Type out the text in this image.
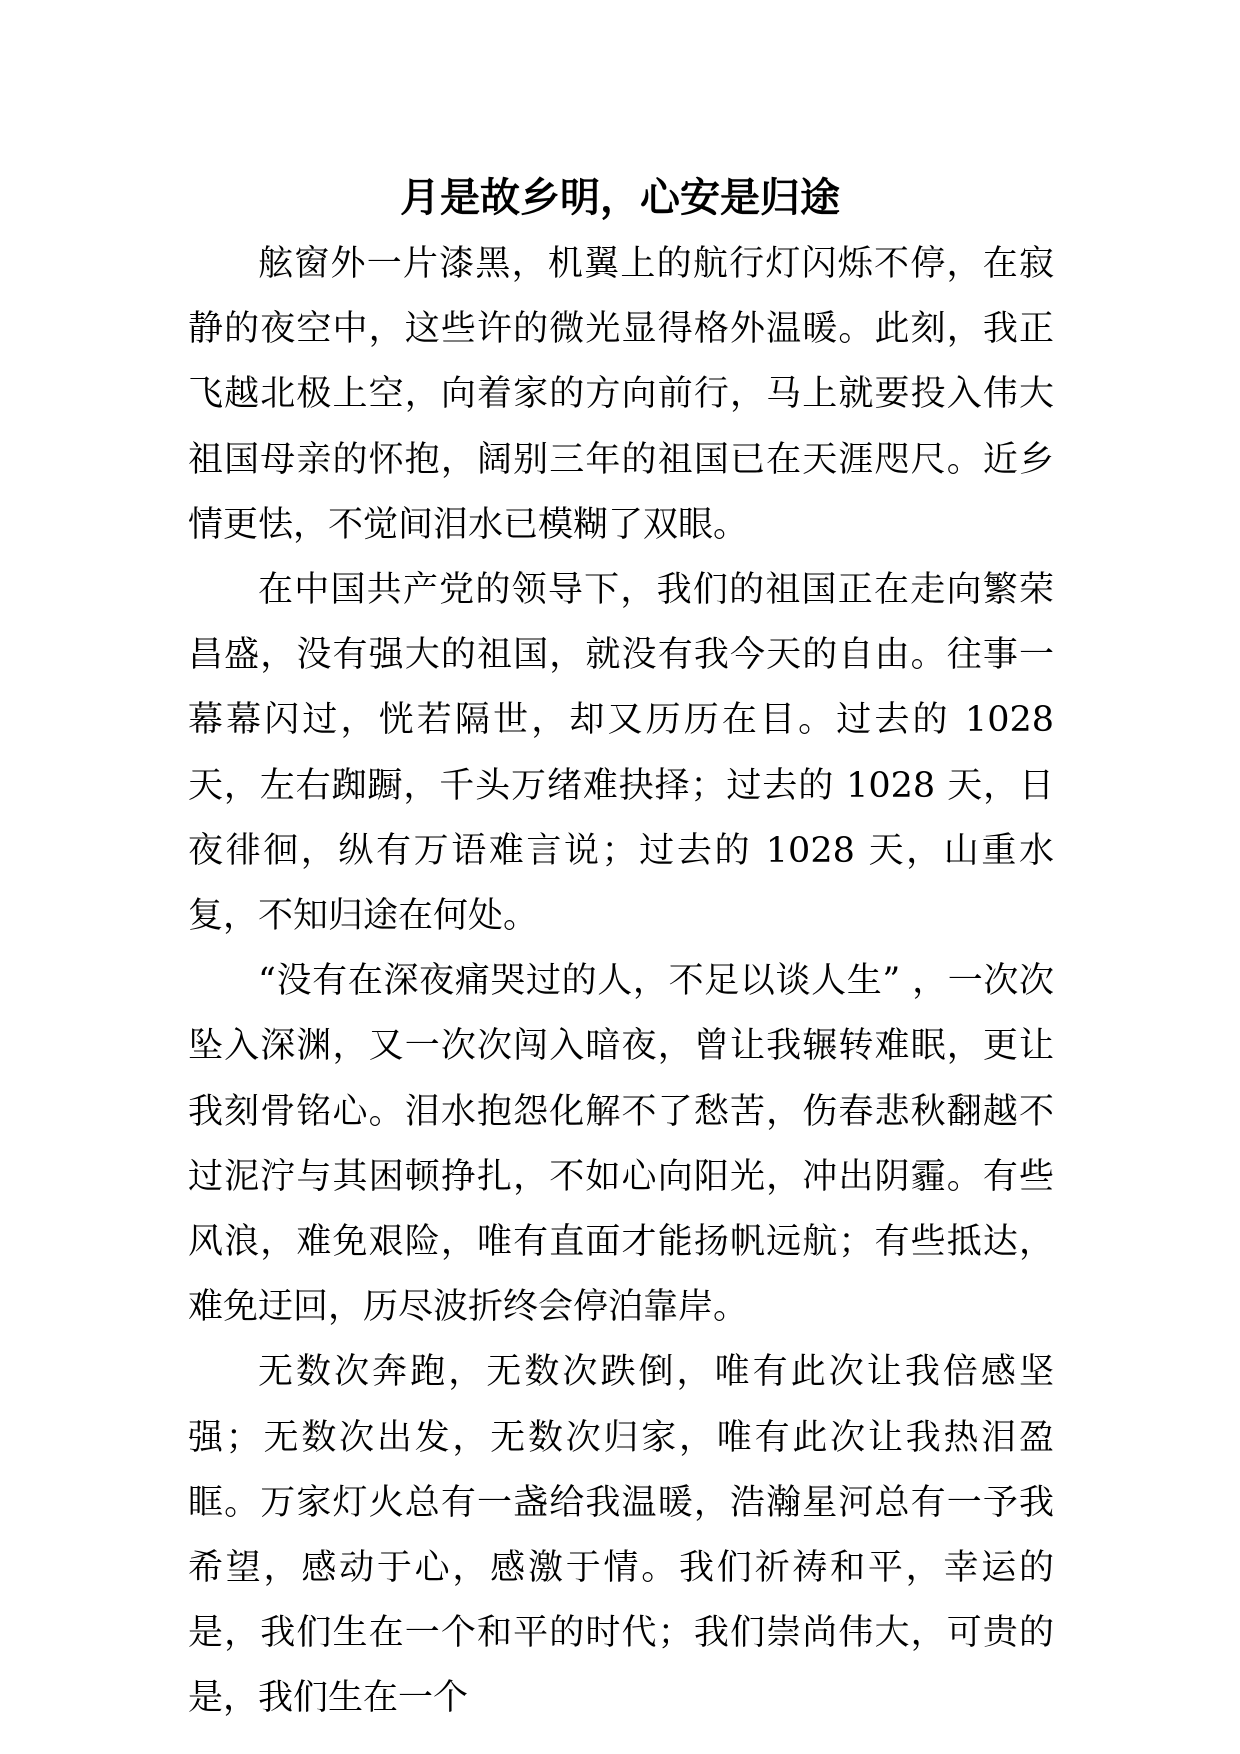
月是故乡明，心安是归途

舷窗外一片漆黑，机翼上的航行灯闪烁不停，在寂静的夜空中，这些许的微光显得格外温暖。此刻，我正飞越北极上空，向着家的方向前行，马上就要投入伟大祖国母亲的怀抱，阔别三年的祖国已在天涯咫尺。近乡情更怯，不觉间泪水已模糊了双眼。

在中国共产党的领导下，我们的祖国正在走向繁荣昌盛，没有强大的祖国，就没有我今天的自由。往事一幕幕闪过，恍若隔世，却又历历在目。过去的 1028 天，左右踟蹰，千头万绪难抉择；过去的 1028 天，日夜徘徊，纵有万语难言说；过去的 1028 天，山重水复，不知归途在何处。

“没有在深夜痛哭过的人，不足以谈人生” ，一次次坠入深渊，又一次次闯入暗夜，曾让我辗转难眠，更让我刻骨铭心。泪水抱怨化解不了愁苦，伤春悲秋翻越不过泥泞与其困顿挣扎，不如心向阳光，冲出阴霾。有些风浪，难免艰险，唯有直面才能扬帆远航；有些抵达，难免迂回，历尽波折终会停泊靠岸。

无数次奔跑，无数次跌倒，唯有此次让我倍感坚强；无数次出发，无数次归家，唯有此次让我热泪盈眶。万家灯火总有一盏给我温暖，浩瀚星河总有一予我希望，感动于心，感激于情。我们祈祷和平，幸运的是，我们生在一个和平的时代；我们崇尚伟大，可贵的是，我们生在一个
